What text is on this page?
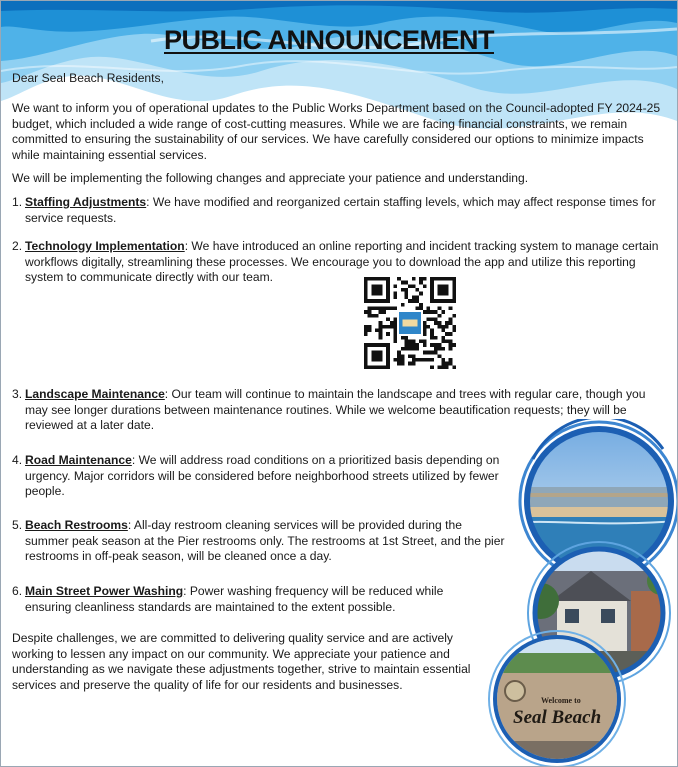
Welcome to
Seal Beach
PUBLIC ANNOUNCEMENT
Dear Seal Beach Residents,
We want to inform you of operational updates to the Public Works Department based on the Council-adopted FY 2024-25 budget, which included a wide range of cost-cutting measures. While we are facing financial constraints, we remain committed to ensuring the sustainability of our services. We have carefully considered our options to minimize impacts while maintaining essential services.
We will be implementing the following changes and appreciate your patience and understanding.
1. Staffing Adjustments: We have modified and reorganized certain staffing levels, which may affect response times for service requests.
2. Technology Implementation: We have introduced an online reporting and incident tracking system to manage certain workflows digitally, streamlining these processes. We encourage you to download the app and utilize this reporting system to communicate directly with our team.
3. Landscape Maintenance: Our team will continue to maintain the landscape and trees with regular care, though you may see longer durations between maintenance routines. While we welcome beautification requests; they will be reviewed at a later date.
4. Road Maintenance: We will address road conditions on a prioritized basis depending on urgency. Major corridors will be considered before neighborhood streets utilized by fewer people.
5. Beach Restrooms: All-day restroom cleaning services will be provided during the summer peak season at the Pier restrooms only. The restrooms at 1st Street, and the pier restrooms in off-peak season, will be cleaned once a day.
6. Main Street Power Washing: Power washing frequency will be reduced while ensuring cleanliness standards are maintained to the extent possible.
Despite challenges, we are committed to delivering quality service and are actively working to lessen any impact on our community. We appreciate your patience and understanding as we navigate these adjustments together, strive to maintain essential services and preserve the quality of life for our residents and businesses.
